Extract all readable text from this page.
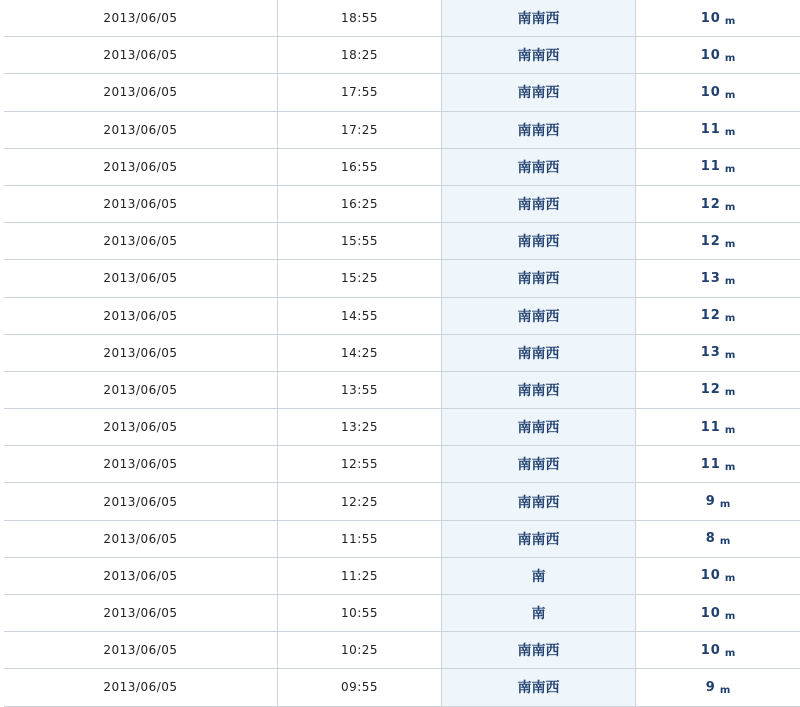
2013/06/05	18:55	南南西	10 m
2013/06/05	18:25	南南西	10 m
2013/06/05	17:55	南南西	10 m
2013/06/05	17:25	南南西	11 m
2013/06/05	16:55	南南西	11 m
2013/06/05	16:25	南南西	12 m
2013/06/05	15:55	南南西	12 m
2013/06/05	15:25	南南西	13 m
2013/06/05	14:55	南南西	12 m
2013/06/05	14:25	南南西	13 m
2013/06/05	13:55	南南西	12 m
2013/06/05	13:25	南南西	11 m
2013/06/05	12:55	南南西	11 m
2013/06/05	12:25	南南西	9 m
2013/06/05	11:55	南南西	8 m
2013/06/05	11:25	南	10 m
2013/06/05	10:55	南	10 m
2013/06/05	10:25	南南西	10 m
2013/06/05	09:55	南南西	9 m
